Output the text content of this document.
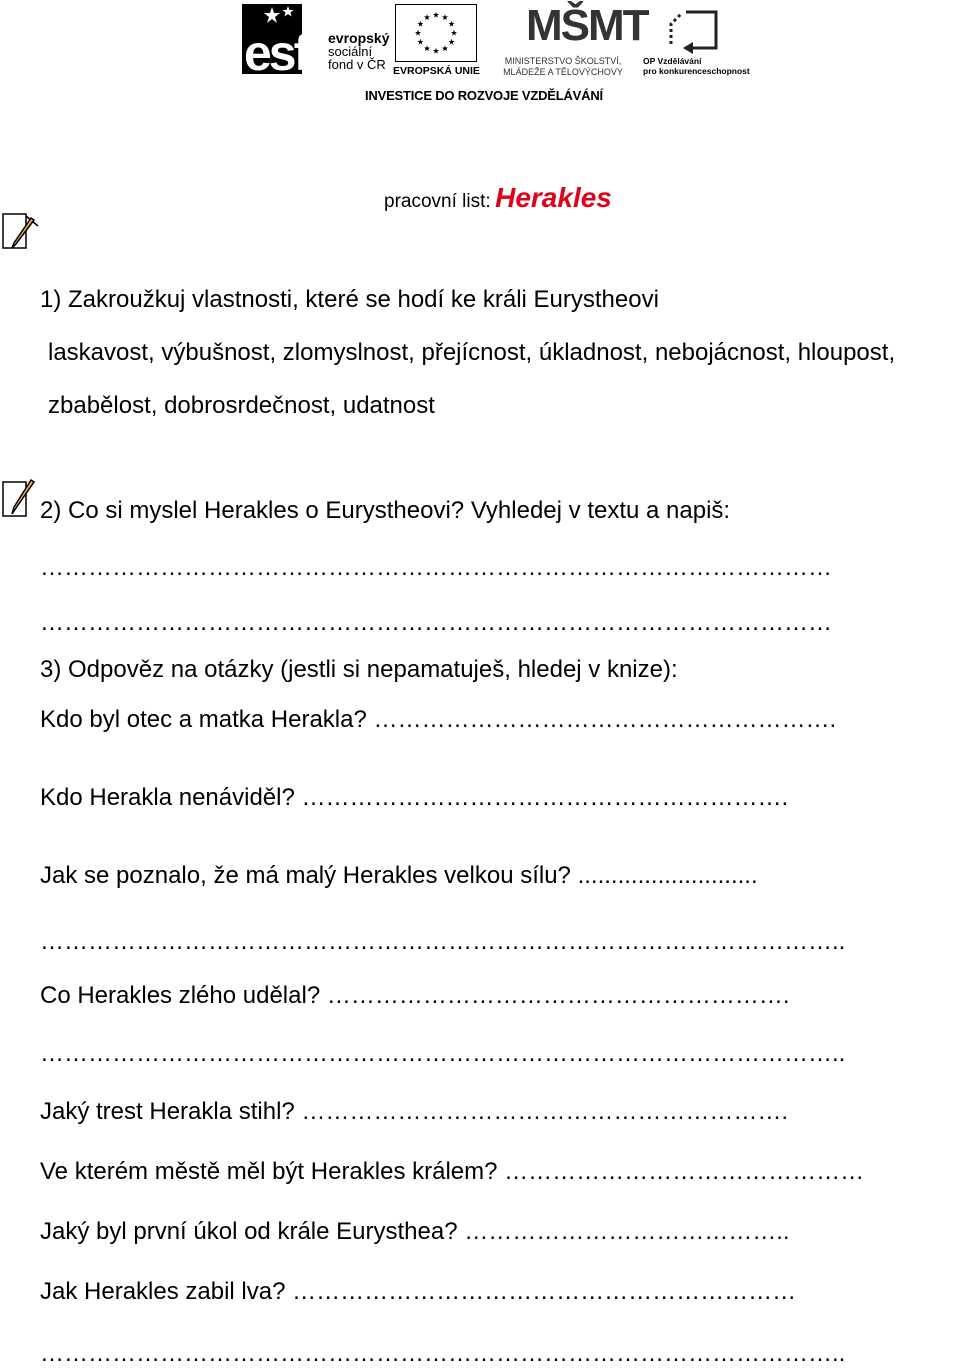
esf evropský
sociální
fond v ČR EVROPSKÁ UNIE
MŠMT
MINISTERSTVO ŠKOLSTVÍ,
MLÁDEŽE A TĚLOVÝCHOVY
OP Vzdělávání
pro konkurenceschopnost
INVESTICE DO ROZVOJE VZDĚLÁVÁNÍ
pracovní list: Herakles
1) Zakroužkuj vlastnosti, které se hodí ke králi Eurystheovi
laskavost, výbušnost, zlomyslnost, přejícnost, úkladnost, nebojácnost, hloupost,
zbabělost, dobrosrdečnost, udatnost
2) Co si myslel Herakles o Eurystheovi? Vyhledej v textu a napiš:
………………………………………………………………………………………
………………………………………………………………………………………
3) Odpověz na otázky (jestli si nepamatuješ, hledej v knize):
Kdo byl otec a matka Herakla? ………………………………………………….
Kdo Herakla nenáviděl? …………………………………………………….
Jak se poznalo, že má malý Herakles velkou sílu? ...........................
………………………………………………………………………………………..
Co Herakles zlého udělal? ………………………………………………….
………………………………………………………………………………………..
Jaký trest Herakla stihl? …………………………………………………….
Ve kterém městě měl být Herakles králem? ………………………………………
Jaký byl první úkol od krále Eurysthea? …………………………………..
Jak Herakles zabil lva? ………………………………………………………
………………………………………………………………………………………..
